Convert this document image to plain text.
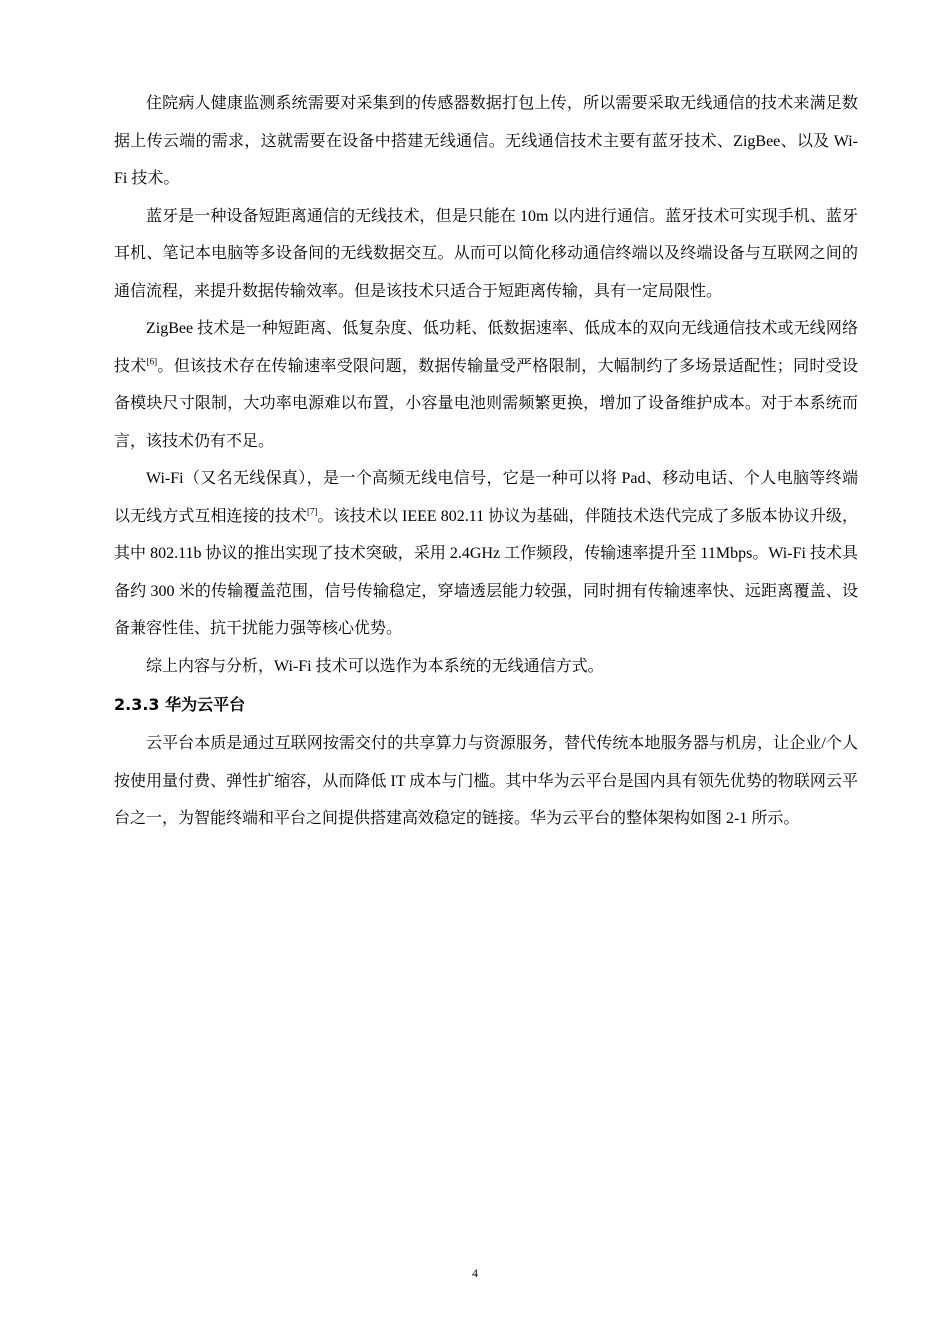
住院病人健康监测系统需要对采集到的传感器数据打包上传，所以需要采取无线通信的技术来满足数据上传云端的需求，这就需要在设备中搭建无线通信。无线通信技术主要有蓝牙技术、ZigBee、以及 Wi-Fi 技术。

蓝牙是一种设备短距离通信的无线技术，但是只能在 10m 以内进行通信。蓝牙技术可实现手机、蓝牙耳机、笔记本电脑等多设备间的无线数据交互。从而可以简化移动通信终端以及终端设备与互联网之间的通信流程，来提升数据传输效率。但是该技术只适合于短距离传输，具有一定局限性。

ZigBee 技术是一种短距离、低复杂度、低功耗、低数据速率、低成本的双向无线通信技术或无线网络技术[6]。但该技术存在传输速率受限问题，数据传输量受严格限制，大幅制约了多场景适配性；同时受设备模块尺寸限制，大功率电源难以布置，小容量电池则需频繁更换，增加了设备维护成本。对于本系统而言，该技术仍有不足。

Wi-Fi（又名无线保真），是一个高频无线电信号，它是一种可以将 Pad、移动电话、个人电脑等终端以无线方式互相连接的技术[7]。该技术以 IEEE 802.11 协议为基础，伴随技术迭代完成了多版本协议升级，其中 802.11b 协议的推出实现了技术突破，采用 2.4GHz 工作频段，传输速率提升至 11Mbps。Wi-Fi 技术具备约 300 米的传输覆盖范围，信号传输稳定，穿墙透层能力较强，同时拥有传输速率快、远距离覆盖、设备兼容性佳、抗干扰能力强等核心优势。

综上内容与分析，Wi-Fi 技术可以选作为本系统的无线通信方式。

2.3.3 华为云平台

云平台本质是通过互联网按需交付的共享算力与资源服务，替代传统本地服务器与机房，让企业/个人按使用量付费、弹性扩缩容，从而降低 IT 成本与门槛。其中华为云平台是国内具有领先优势的物联网云平台之一，为智能终端和平台之间提供搭建高效稳定的链接。华为云平台的整体架构如图 2-1 所示。

4
